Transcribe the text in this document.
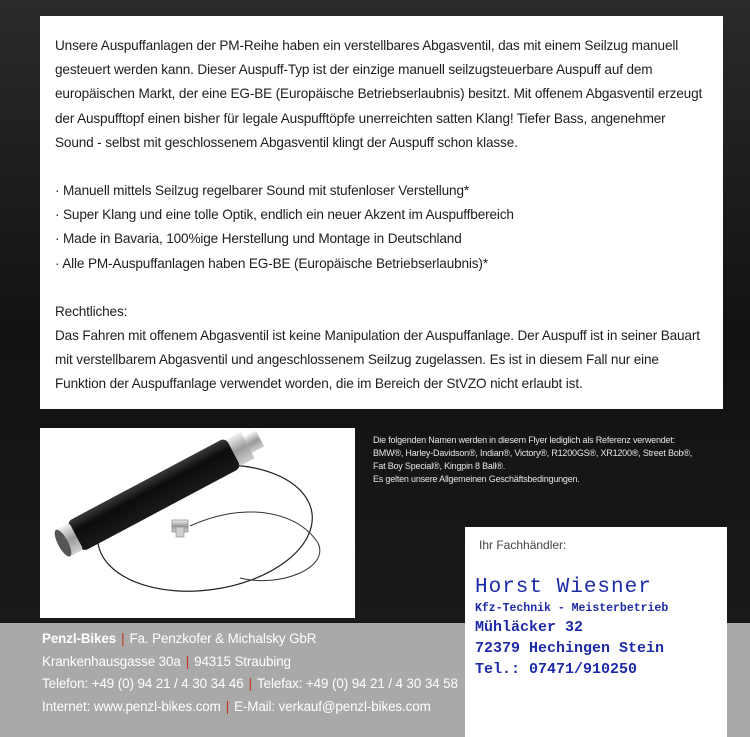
Unsere Auspuffanlagen der PM-Reihe haben ein verstellbares Abgasventil, das mit einem Seilzug manuell gesteuert werden kann. Dieser Auspuff-Typ ist der einzige manuell seilzugsteuerbare Auspuff auf dem europäischen Markt, der eine EG-BE (Europäische Betriebserlaubnis) besitzt. Mit offenem Abgasventil erzeugt der Auspufftopf einen bisher für legale Auspufftöpfe unerreichten satten Klang! Tiefer Bass, angenehmer Sound - selbst mit geschlossenem Abgasventil klingt der Auspuff schon klasse.

· Manuell mittels Seilzug regelbarer Sound mit stufenloser Verstellung*

· Super Klang und eine tolle Optik, endlich ein neuer Akzent im Auspuffbereich

· Made in Bavaria, 100%ige Herstellung und Montage in Deutschland

· Alle PM-Auspuffanlagen haben EG-BE (Europäische Betriebserlaubnis)*

Rechtliches:

Das Fahren mit offenem Abgasventil ist keine Manipulation der Auspuffanlage. Der Auspuff ist in seiner Bauart mit verstellbarem Abgasventil und angeschlossenem Seilzug zugelassen. Es ist in diesem Fall nur eine Funktion der Auspuffanlage verwendet worden, die im Bereich der StVZO nicht erlaubt ist.

Die folgenden Namen werden in diesem Flyer lediglich als Referenz verwendet:
BMW®, Harley-Davidson®, Indian®, Victory®, R1200GS®, XR1200®, Street Bob®,
Fat Boy Special®, Kingpin 8 Ball®.
Es gelten unsere Allgemeinen Geschäftsbedingungen.
Penzl-Bikes | Fa. Penzkofer & Michalsky GbR
Krankenhausgasse 30a | 94315 Straubing
Telefon: +49 (0) 94 21 / 4 30 34 46 | Telefax: +49 (0) 94 21 / 4 30 34 58
Internet: www.penzl-bikes.com | E-Mail: verkauf@penzl-bikes.com
Ihr Fachhändler:
Horst Wiesner
Kfz-Technik - Meisterbetrieb
Mühläcker 32
72379 Hechingen Stein
Tel.: 07471/910250
